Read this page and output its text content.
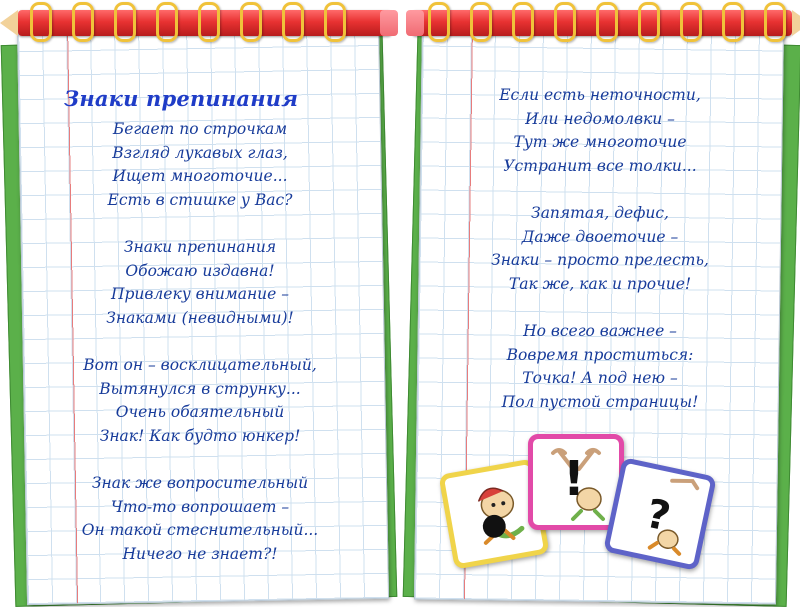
Знаки препинания
Бегает по строчкам
Взгляд лукавых глаз,
Ищет многоточие...
Есть в стишке у Вас?
Знаки препинания
Обожаю издавна!
Привлеку внимание –
Знаками (невидными)!
Вот он – восклицательный,
Вытянулся в струнку...
Очень обаятельный
Знак! Как будто юнкер!
Знак же вопросительный
Что-то вопрошает –
Он такой стеснительный...
Ничего не знает?!
Если есть неточности,
Или недомолвки –
Тут же многоточие
Устранит все толки...
Запятая, дефис,
Даже двоеточие –
Знаки – просто прелесть,
Так же, как и прочие!
Но всего важнее –
Вовремя проститься:
Точка! А под нею –
Пол пустой страницы!
●
!
?
